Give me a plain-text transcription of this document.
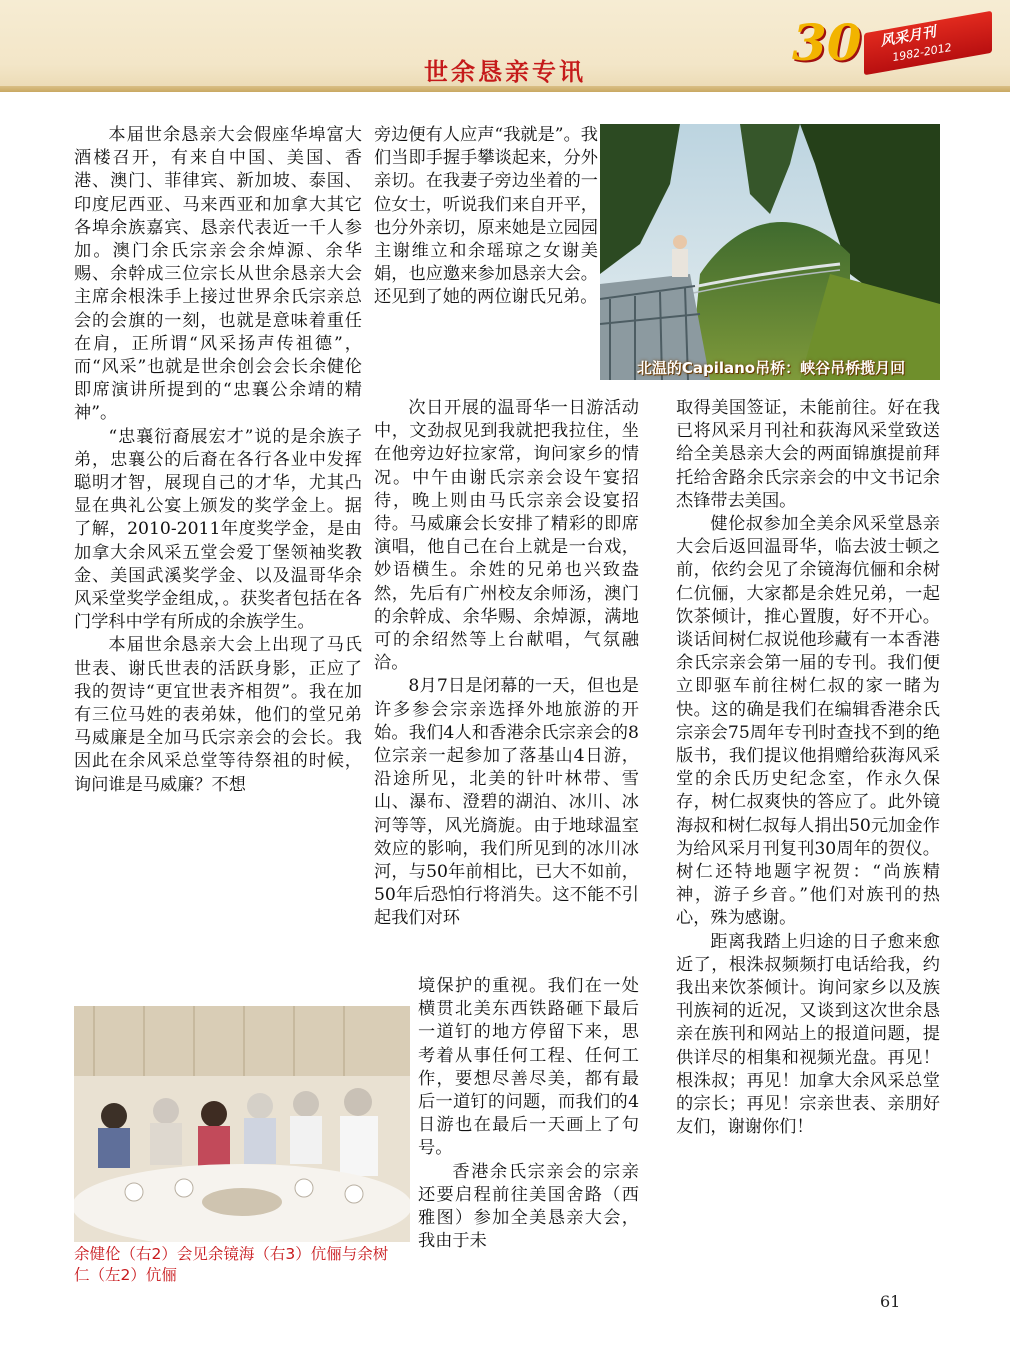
世余恳亲专讯	30 风采月刊
1982-2012

本届世余恳亲大会假座华埠富大酒楼召开，有来自中国、美国、香港、澳门、菲律宾、新加坡、泰国、印度尼西亚、马来西亚和加拿大其它各埠余族嘉宾、恳亲代表近一千人参加。澳门余氏宗亲会余焯源、余华赐、余幹成三位宗长从世余恳亲大会主席余根洙手上接过世界余氏宗亲总会的会旗的一刻，也就是意味着重任在肩，正所谓“风采扬声传祖德”，而“风采”也就是世余创会会长余健伦即席演讲所提到的“忠襄公余靖的精神”。

“忠襄衍裔展宏才”说的是余族子弟，忠襄公的后裔在各行各业中发挥聪明才智，展现自己的才华，尤其凸显在典礼公宴上颁发的奖学金上。据了解，2010-2011年度奖学金，是由加拿大余风采五堂会爱丁堡领袖奖教金、美国武溪奖学金、以及温哥华余风采堂奖学金组成，。获奖者包括在各门学科中学有所成的余族学生。

本届世余恳亲大会上出现了马氏世表、谢氏世表的活跃身影，正应了我的贺诗“更宜世表齐相贺”。我在加有三位马姓的表弟妹，他们的堂兄弟马威廉是全加马氏宗亲会的会长。我因此在余风采总堂等待祭祖的时候，询问谁是马威廉？不想

旁边便有人应声“我就是”。我们当即手握手攀谈起来，分外亲切。在我妻子旁边坐着的一位女士，听说我们来自开平，也分外亲切，原来她是立园园主谢维立和余瑶琼之女谢美娟，也应邀来参加恳亲大会。还见到了她的两位谢氏兄弟。

次日开展的温哥华一日游活动中，文劲叔见到我就把我拉住，坐在他旁边好拉家常，询问家乡的情况。中午由谢氏宗亲会设午宴招待，晚上则由马氏宗亲会设宴招待。马威廉会长安排了精彩的即席演唱，他自己在台上就是一台戏，妙语横生。余姓的兄弟也兴致盎然，先后有广州校友余师汤，澳门的余幹成、余华赐、余焯源，满地可的余绍然等上台献唱，气氛融洽。

8月7日是闭幕的一天，但也是许多参会宗亲选择外地旅游的开始。我们4人和香港余氏宗亲会的8位宗亲一起参加了落基山4日游，沿途所见，北美的针叶林带、雪山、瀑布、澄碧的湖泊、冰川、冰河等等，风光旖旎。由于地球温室效应的影响，我们所见到的冰川冰河，与50年前相比，已大不如前，50年后恐怕行将消失。这不能不引起我们对环

境保护的重视。我们在一处横贯北美东西铁路砸下最后一道钉的地方停留下来，思考着从事任何工程、任何工作，要想尽善尽美，都有最后一道钉的问题，而我们的4日游也在最后一天画上了句号。

香港余氏宗亲会的宗亲还要启程前往美国舍路（西雅图）参加全美恳亲大会，我由于未

取得美国签证，未能前往。好在我已将风采月刊社和荻海风采堂致送给全美恳亲大会的两面锦旗提前拜托给舍路余氏宗亲会的中文书记余杰锋带去美国。

健伦叔参加全美余风采堂恳亲大会后返回温哥华，临去波士顿之前，依约会见了余镜海伉俪和余树仁伉俪，大家都是余姓兄弟，一起饮茶倾计，推心置腹，好不开心。谈话间树仁叔说他珍藏有一本香港余氏宗亲会第一届的专刊。我们便立即驱车前往树仁叔的家一睹为快。这的确是我们在编辑香港余氏宗亲会75周年专刊时查找不到的绝版书，我们提议他捐赠给荻海风采堂的余氏历史纪念室，作永久保存，树仁叔爽快的答应了。此外镜海叔和树仁叔每人捐出50元加金作为给风采月刊复刊30周年的贺仪。树仁还特地题字祝贺：“尚族精神，游子乡音。”他们对族刊的热心，殊为感谢。

距离我踏上归途的日子愈来愈近了，根洙叔频频打电话给我，约我出来饮茶倾计。询问家乡以及族刊族祠的近况，又谈到这次世余恳亲在族刊和网站上的报道问题，提供详尽的相集和视频光盘。再见！根洙叔；再见！加拿大余风采总堂的宗长；再见！宗亲世表、亲朋好友们，谢谢你们！

北温的Capilano吊桥：峡谷吊桥揽月回
余健伦（右2）会见余镜海（右3）伉俪与余树仁（左2）伉俪
61
